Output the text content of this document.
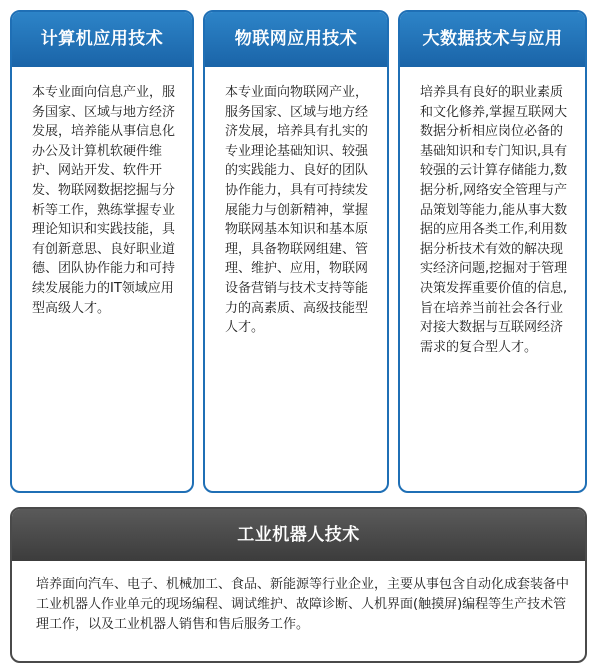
计算机应用技术
本专业面向信息产业，服务国家、区域与地方经济发展，培养能从事信息化办公及计算机软硬件维护、网站开发、软件开发、物联网数据挖掘与分析等工作，熟练掌握专业理论知识和实践技能，具有创新意思、良好职业道德、团队协作能力和可持续发展能力的IT领域应用型高级人才。
物联网应用技术
本专业面向物联网产业，服务国家、区域与地方经济发展，培养具有扎实的专业理论基础知识、较强的实践能力、良好的团队协作能力，具有可持续发展能力与创新精神，掌握物联网基本知识和基本原理，具备物联网组建、管理、维护、应用，物联网设备营销与技术支持等能力的高素质、高级技能型人才。
大数据技术与应用
培养具有良好的职业素质和文化修养,掌握互联网大数据分析相应岗位必备的基础知识和专门知识,具有较强的云计算存储能力,数据分析,网络安全管理与产品策划等能力,能从事大数据的应用各类工作,利用数据分析技术有效的解决现实经济问题,挖掘对于管理决策发挥重要价值的信息,旨在培养当前社会各行业对接大数据与互联网经济需求的复合型人才。
工业机器人技术
培养面向汽车、电子、机械加工、食品、新能源等行业企业，主要从事包含自动化成套装备中工业机器人作业单元的现场编程、调试维护、故障诊断、人机界面(触摸屏)编程等生产技术管理工作，以及工业机器人销售和售后服务工作。
